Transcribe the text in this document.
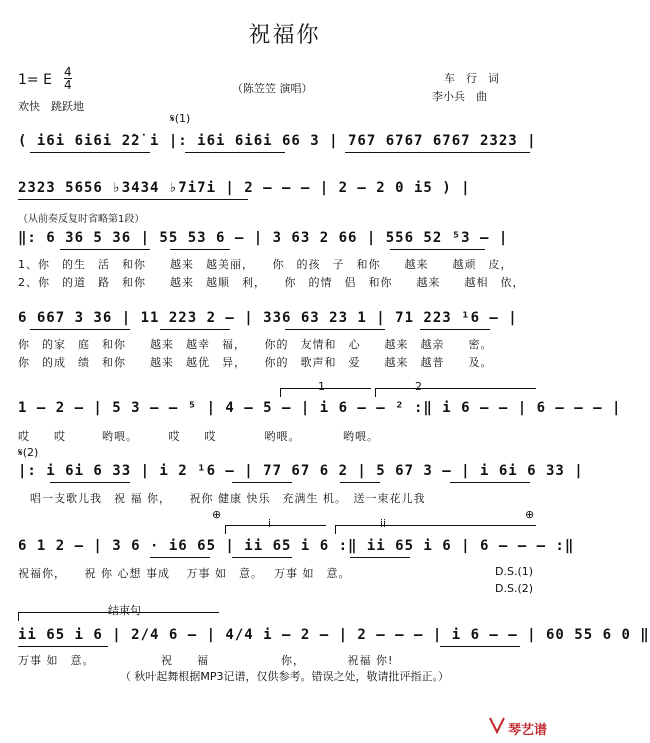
祝福你
1= E $\frac{4}{4}$	（陈笠笠 演唱）
车　行　词
李小兵　曲
欢快　跳跃地
𝄋(1)
( i6i 6i6i 2̇2̇ i |: i6i 6i6i 66 3 | 767 6767 6767 2323 |
2323 5656 ♭3434 ♭7i7i | 2 – – – | 2 – 2 0 i5 ) |
（从前奏反复时省略第1段）
‖: 6 36 5 36 | 55 53 6 – | 3 63 2 66 | 556 52 ⁵3 – |
1、你　的生　活　和你　　越来　越美丽，　　你　的孩　子　和你　　越来　　越顽　皮，
2、你　的道　路　和你　　越来　越顺　利，　　你　的情　侣　和你　　越来　　越相　依，
6 667 3 36 | 11 223 2 – | 336 63 23 1 | 71 223 ¹6 – |
你　的家　庭　和你　　越来　越幸　福，　　你的　友情和　心　　越来　越亲　　密。
你　的成　绩　和你　　越来　越优　异，　　你的　歌声和　爱　　越来　越普　　及。
1	2
1 – 2 – | 5 3 – – ⁵ | 4 – 5 – | i 6 – – ² :‖ i 6 – – | 6 – – – |
哎　　哎　　　哟喂。　　　哎　　哎　　　　哟喂。　　　　哟喂。
𝄋(2)
|: i 6i 6 33 | i 2 ¹6 – | 77 67 6 2 | 5 67 3 – | i 6i 6 33 |
唱一支歌儿我　祝 福 你，　　祝你 健康 快乐　充满生 机。　送一束花儿我
⊕	⊕
i	ii
6 1 2 – | 3 6 · i6 65 | ii 65 i 6 :‖ ii 65 i 6 | 6 – – – :‖
祝福你，　　祝 你 心想 事成　 万事 如　意。　 万事 如　意。	D.S.(1)
D.S.(2)
结束句
ii 65 i 6 | 2/4 6 – | 4/4 i – 2 – | 2 – – – | i 6 – – | 60 55 6 0 ‖
万事 如　意。　　　　　　祝　　福　　　　　　你，　　　　祝福 你!
（ 秋叶起舞根据MP3记谱，仅供参考。错误之处，敬请批评指正。）
琴艺谱
